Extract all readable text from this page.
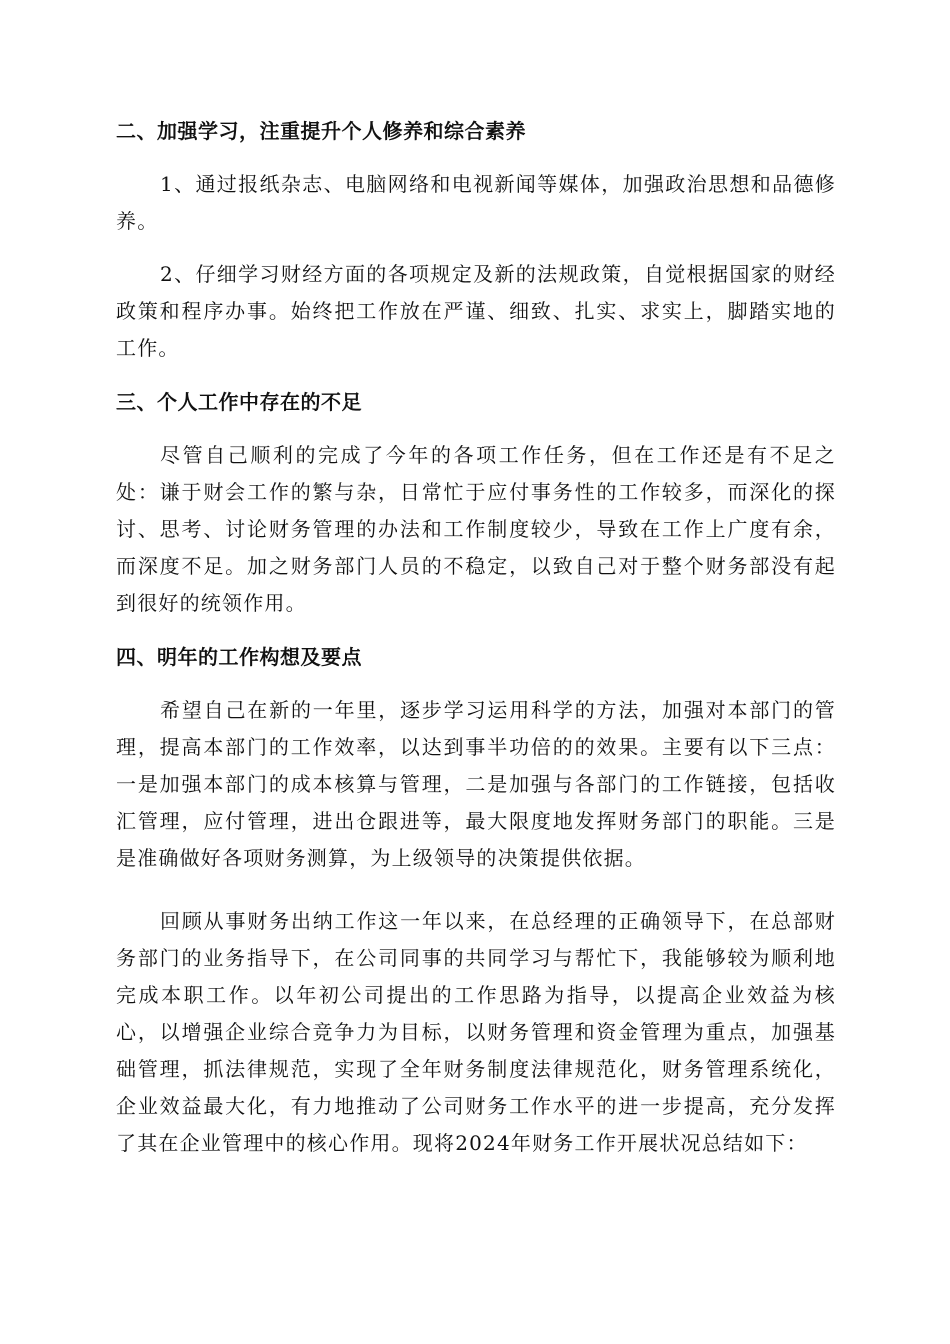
二、加强学习，注重提升个人修养和综合素养

1、通过报纸杂志、电脑网络和电视新闻等媒体，加强政治思想和品德修养。

2、仔细学习财经方面的各项规定及新的法规政策，自觉根据国家的财经政策和程序办事。始终把工作放在严谨、细致、扎实、求实上，脚踏实地的工作。

三、个人工作中存在的不足

尽管自己顺利的完成了今年的各项工作任务，但在工作还是有不足之处：谦于财会工作的繁与杂，日常忙于应付事务性的工作较多，而深化的探讨、思考、讨论财务管理的办法和工作制度较少，导致在工作上广度有余，而深度不足。加之财务部门人员的不稳定，以致自己对于整个财务部没有起到很好的统领作用。

四、明年的工作构想及要点

希望自己在新的一年里，逐步学习运用科学的方法，加强对本部门的管理，提高本部门的工作效率，以达到事半功倍的的效果。主要有以下三点：一是加强本部门的成本核算与管理，二是加强与各部门的工作链接，包括收汇管理，应付管理，进出仓跟进等，最大限度地发挥财务部门的职能。三是是准确做好各项财务测算，为上级领导的决策提供依据。

回顾从事财务出纳工作这一年以来，在总经理的正确领导下，在总部财务部门的业务指导下，在公司同事的共同学习与帮忙下，我能够较为顺利地完成本职工作。以年初公司提出的工作思路为指导，以提高企业效益为核心，以增强企业综合竞争力为目标，以财务管理和资金管理为重点，加强基础管理，抓法律规范，实现了全年财务制度法律规范化，财务管理系统化，企业效益最大化，有力地推动了公司财务工作水平的进一步提高，充分发挥了其在企业管理中的核心作用。现将2024年财务工作开展状况总结如下：
